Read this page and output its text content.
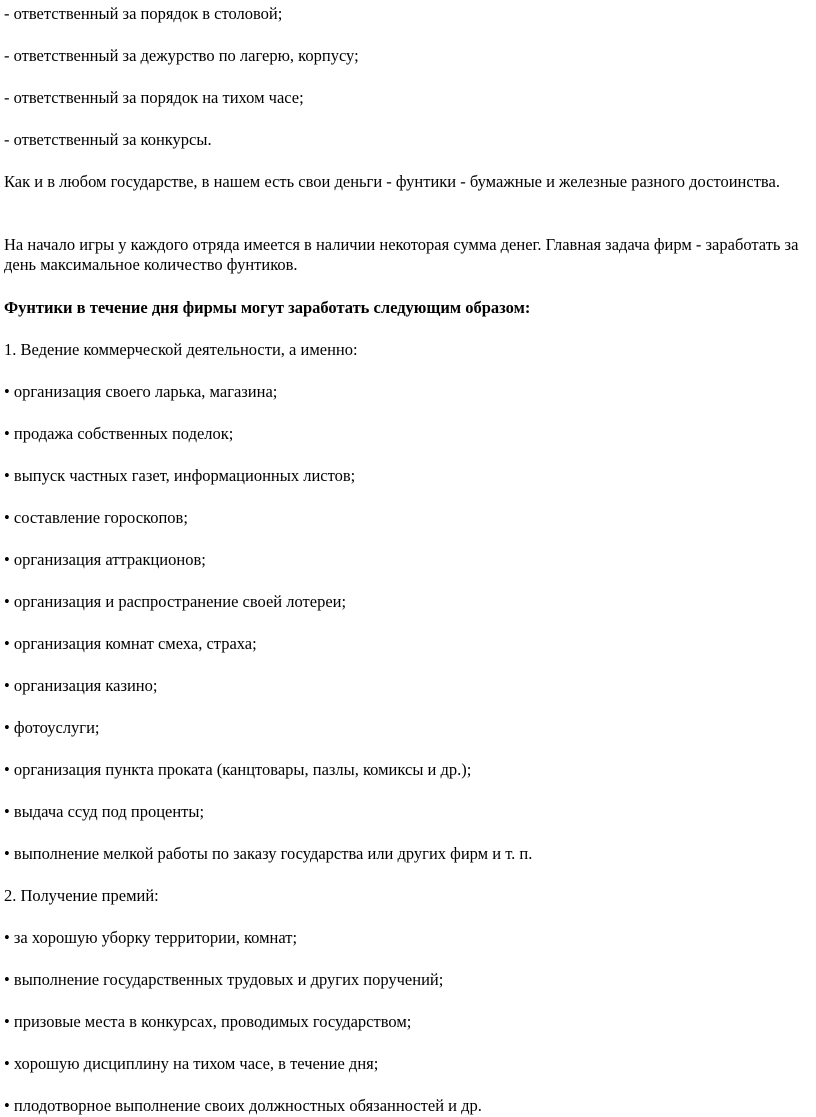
- ответственный за порядок в столовой;

- ответственный за дежурство по лагерю, корпусу;

- ответственный за порядок на тихом часе;

- ответственный за конкурсы.

Как и в любом государстве, в нашем есть свои деньги - фунтики - бумажные и железные разного достоинства.

На начало игры у каждого отряда имеется в наличии некоторая сумма денег. Главная задача фирм - заработать за день максимальное количество фунтиков.

Фунтики в течение дня фирмы могут заработать следующим образом:

1. Ведение коммерческой деятельности, а именно:

• организация своего ларька, магазина;

• продажа собственных поделок;

• выпуск частных газет, информационных листов;

• составление гороскопов;

• организация аттракционов;

• организация и распространение своей лотереи;

• организация комнат смеха, страха;

• организация казино;

• фотоуслуги;

• организация пункта проката (канцтовары, пазлы, комиксы и др.);

• выдача ссуд под проценты;

• выполнение мелкой работы по заказу государства или других фирм и т. п.

2. Получение премий:

• за хорошую уборку территории, комнат;

• выполнение государственных трудовых и других поручений;

• призовые места в конкурсах, проводимых государством;

• хорошую дисциплину на тихом часе, в течение дня;

• плодотворное выполнение своих должностных обязанностей и др.
